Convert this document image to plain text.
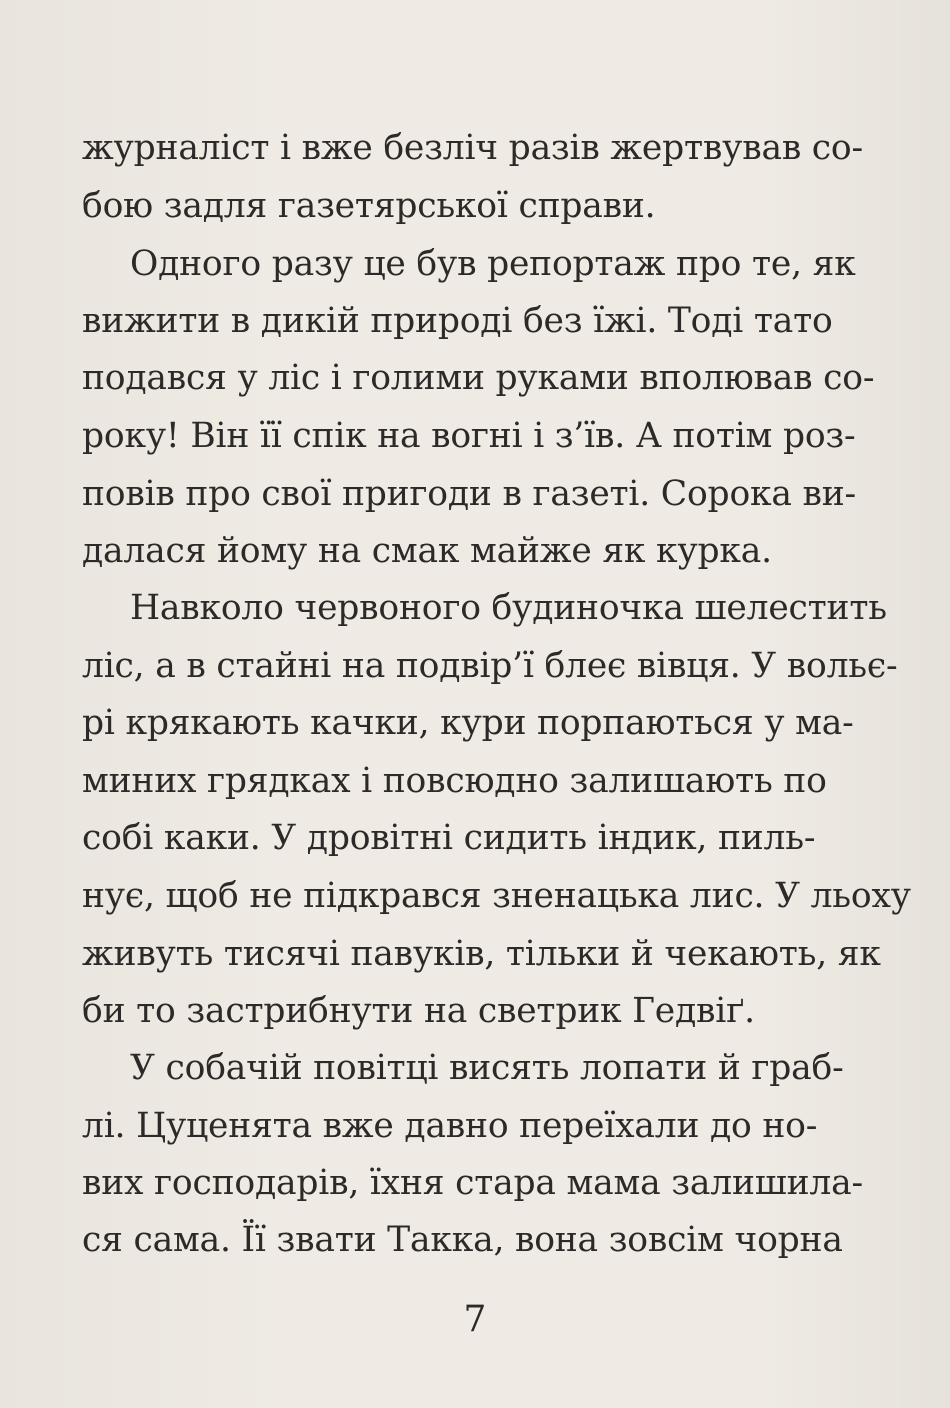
журналіст і вже безліч разів жертвував со-
бою задля газетярської справи.
Одного разу це був репортаж про те, як
вижити в дикій природі без їжі. Тоді тато
подався у ліс і голими руками вполював со-
року! Він її спік на вогні і з’їв. А потім роз-
повів про свої пригоди в газеті. Сорока ви-
далася йому на смак майже як курка.
Навколо червоного будиночка шелестить
ліс, а в стайні на подвір’ї блеє вівця. У вольє-
рі крякають качки, кури порпаються у ма-
миних грядках і повсюдно залишають по
собі каки. У дровітні сидить індик, пиль-
нує, щоб не підкрався зненацька лис. У льоху
живуть тисячі павуків, тільки й чекають, як
би то застрибнути на светрик Гедвіґ.
У собачій повітці висять лопати й граб-
лі. Цуценята вже давно переїхали до но-
вих господарів, їхня стара мама залишила-
ся сама. Її звати Такка, вона зовсім чорна
7
